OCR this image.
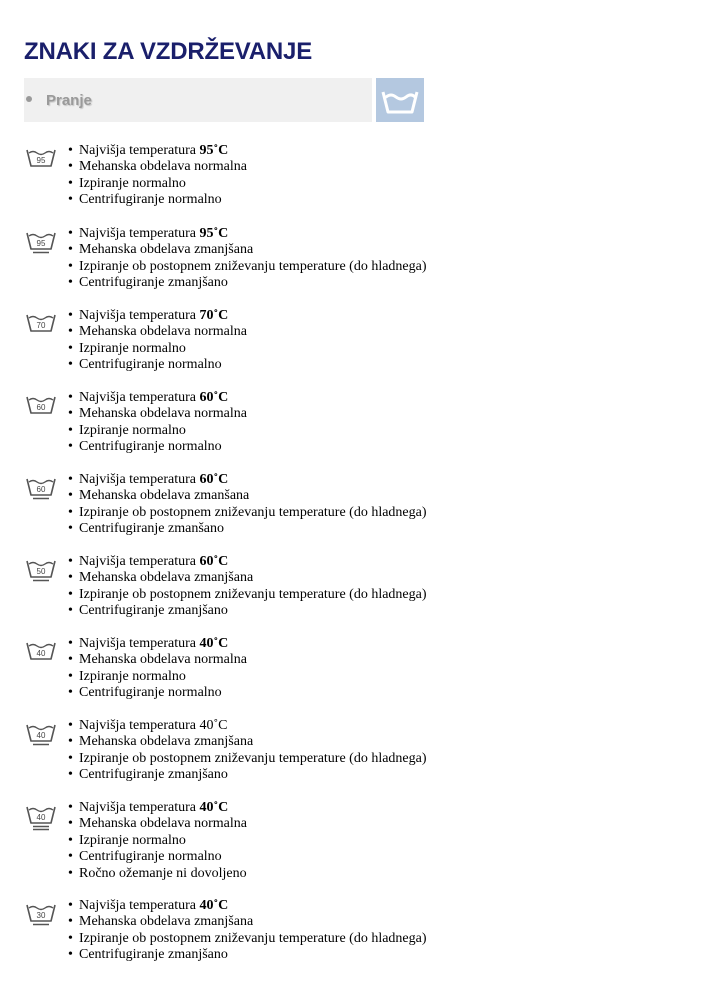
ZNAKI ZA VZDRŽEVANJE
Pranje
95
• Najvišja temperatura 95˚C
• Mehanska obdelava normalna
• Izpiranje normalno
• Centrifugiranje normalno
95
• Najvišja temperatura 95˚C
• Mehanska obdelava zmanjšana
• Izpiranje ob postopnem zniževanju temperature (do hladnega)
• Centrifugiranje zmanjšano
70
• Najvišja temperatura 70˚C
• Mehanska obdelava normalna
• Izpiranje normalno
• Centrifugiranje normalno
60
• Najvišja temperatura 60˚C
• Mehanska obdelava normalna
• Izpiranje normalno
• Centrifugiranje normalno
60
• Najvišja temperatura 60˚C
• Mehanska obdelava zmanšana
• Izpiranje ob postopnem zniževanju temperature (do hladnega)
• Centrifugiranje zmanšano
50
• Najvišja temperatura 60˚C
• Mehanska obdelava zmanjšana
• Izpiranje ob postopnem zniževanju temperature (do hladnega)
• Centrifugiranje zmanjšano
40
• Najvišja temperatura 40˚C
• Mehanska obdelava normalna
• Izpiranje normalno
• Centrifugiranje normalno
40
• Najvišja temperatura 40˚C
• Mehanska obdelava zmanjšana
• Izpiranje ob postopnem zniževanju temperature (do hladnega)
• Centrifugiranje zmanjšano
40
• Najvišja temperatura 40˚C
• Mehanska obdelava normalna
• Izpiranje normalno
• Centrifugiranje normalno
• Ročno ožemanje ni dovoljeno
30
• Najvišja temperatura 40˚C
• Mehanska obdelava zmanjšana
• Izpiranje ob postopnem zniževanju temperature (do hladnega)
• Centrifugiranje zmanjšano
